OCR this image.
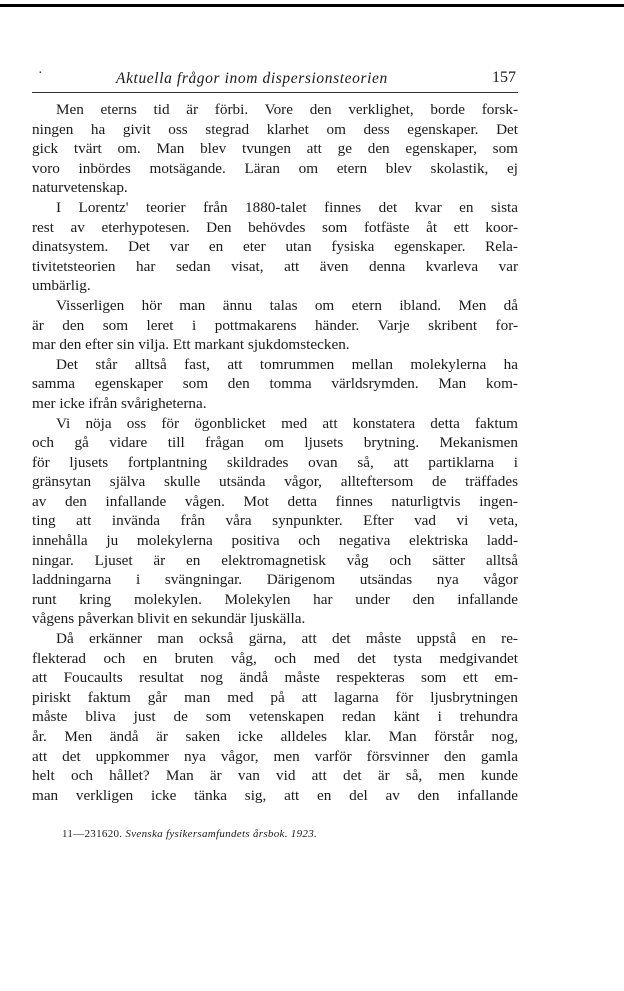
·	Aktuella frågor inom dispersionsteorien	157
Men eterns tid är förbi. Vore den verklighet, borde forsk-
ningen ha givit oss stegrad klarhet om dess egenskaper. Det
gick tvärt om. Man blev tvungen att ge den egenskaper, som
voro inbördes motsägande. Läran om etern blev skolastik, ej
naturvetenskap.
I Lorentz' teorier från 1880-talet finnes det kvar en sista
rest av eterhypotesen. Den behövdes som fotfäste åt ett koor-
dinatsystem. Det var en eter utan fysiska egenskaper. Rela-
tivitetsteorien har sedan visat, att även denna kvarleva var
umbärlig.
Visserligen hör man ännu talas om etern ibland. Men då
är den som leret i pottmakarens händer. Varje skribent for-
mar den efter sin vilja. Ett markant sjukdomstecken.
Det står alltså fast, att tomrummen mellan molekylerna ha
samma egenskaper som den tomma världsrymden. Man kom-
mer icke ifrån svårigheterna.
Vi nöja oss för ögonblicket med att konstatera detta faktum
och gå vidare till frågan om ljusets brytning. Mekanismen
för ljusets fortplantning skildrades ovan så, att partiklarna i
gränsytan själva skulle utsända vågor, allteftersom de träffades
av den infallande vågen. Mot detta finnes naturligtvis ingen-
ting att invända från våra synpunkter. Efter vad vi veta,
innehålla ju molekylerna positiva och negativa elektriska ladd-
ningar. Ljuset är en elektromagnetisk våg och sätter alltså
laddningarna i svängningar. Därigenom utsändas nya vågor
runt kring molekylen. Molekylen har under den infallande
vågens påverkan blivit en sekundär ljuskälla.
Då erkänner man också gärna, att det måste uppstå en re-
flekterad och en bruten våg, och med det tysta medgivandet
att Foucaults resultat nog ändå måste respekteras som ett em-
piriskt faktum går man med på att lagarna för ljusbrytningen
måste bliva just de som vetenskapen redan känt i trehundra
år. Men ändå är saken icke alldeles klar. Man förstår nog,
att det uppkommer nya vågor, men varför försvinner den gamla
helt och hållet? Man är van vid att det är så, men kunde
man verkligen icke tänka sig, att en del av den infallande
11—231620. Svenska fysikersamfundets årsbok. 1923.
